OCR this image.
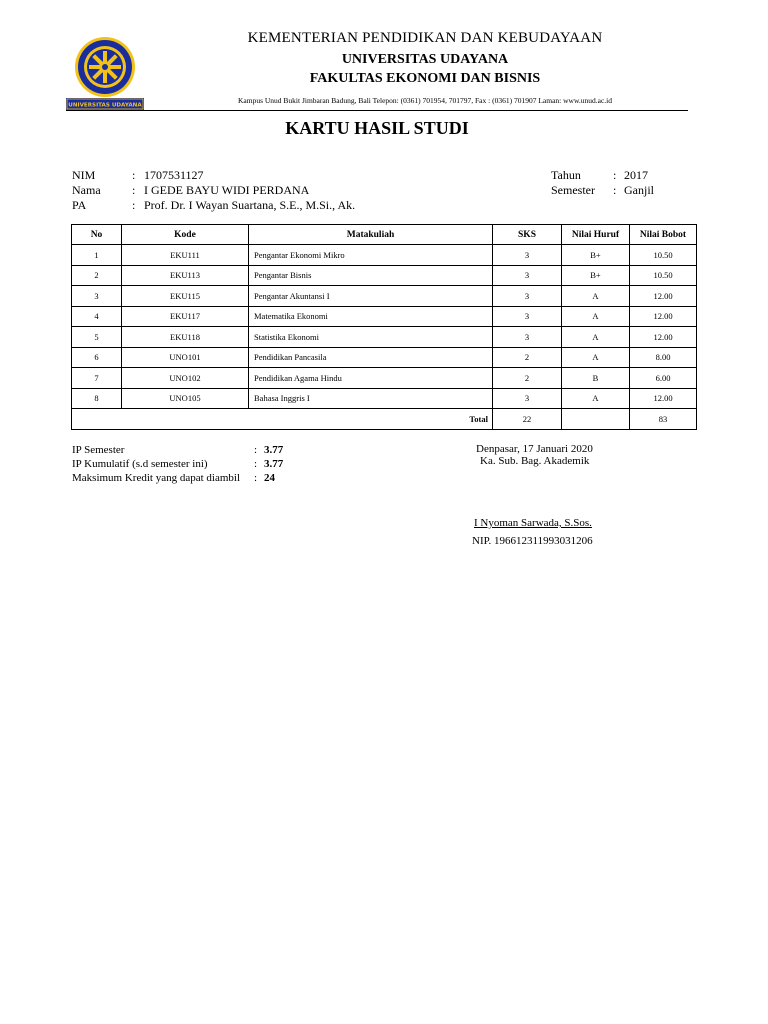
UNIVERSITAS UDAYANA
KEMENTERIAN PENDIDIKAN DAN KEBUDAYAAN
UNIVERSITAS UDAYANA
FAKULTAS EKONOMI DAN BISNIS
Kampus Unud Bukit Jimbaran Badung, Bali Telepon: (0361) 701954, 701797, Fax : (0361) 701907 Laman: www.unud.ac.id
KARTU HASIL STUDI
NIM	: 1707531127
Nama	: I GEDE BAYU WIDI PERDANA
PA	: Prof. Dr. I Wayan Suartana, S.E., M.Si., Ak.
Tahun	: 2017
Semester : Ganjil
No	Kode	Matakuliah	SKS	Nilai Huruf	Nilai Bobot
1	EKU111	Pengantar Ekonomi Mikro	3	B+	10.50
2	EKU113	Pengantar Bisnis	3	B+	10.50
3	EKU115	Pengantar Akuntansi I	3	A	12.00
4	EKU117	Matematika Ekonomi	3	A	12.00
5	EKU118	Statistika Ekonomi	3	A	12.00
6	UNO101	Pendidikan Pancasila	2	A	8.00
7	UNO102	Pendidikan Agama Hindu	2	B	6.00
8	UNO105	Bahasa Inggris I	3	A	12.00
Total			22		83
IP Semester	: 3.77
IP Kumulatif (s.d semester ini)	: 3.77
Maksimum Kredit yang dapat diambil : 24
Denpasar, 17 Januari 2020
Ka. Sub. Bag. Akademik
I Nyoman Sarwada, S.Sos.
NIP. 196612311993031206
